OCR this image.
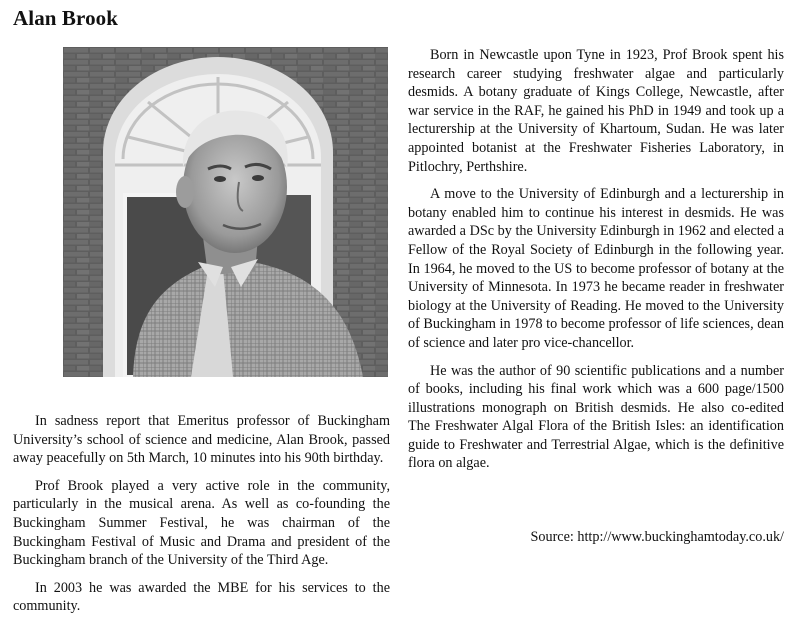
Alan Brook

In sadness report that Emeritus professor of Buckingham University’s school of science and medicine, Alan Brook, passed away peacefully on 5th March, 10 minutes into his 90th birthday.

Prof Brook played a very active role in the community, particularly in the musical arena. As well as co-founding the Buckingham Summer Festival, he was chairman of the Buckingham Festival of Music and Drama and president of the Buckingham branch of the University of the Third Age.

In 2003 he was awarded the MBE for his services to the community.

Born in Newcastle upon Tyne in 1923, Prof Brook spent his research career studying freshwater algae and particularly desmids. A botany graduate of Kings College, Newcastle, after war service in the RAF, he gained his PhD in 1949 and took up a lecturership at the University of Khartoum, Sudan. He was later appointed botanist at the Freshwater Fisheries Laboratory, in Pitlochry, Perthshire.

A move to the University of Edinburgh and a lecturership in botany enabled him to continue his interest in desmids. He was awarded a DSc by the University Edinburgh in 1962 and elected a Fellow of the Royal Society of Edinburgh in the following year. In 1964, he moved to the US to become professor of botany at the University of Minnesota. In 1973 he became reader in freshwater biology at the University of Reading. He moved to the University of Buckingham in 1978 to become professor of life sciences, dean of science and later pro vice-chancellor.

He was the author of 90 scientific publications and a number of books, including his final work which was a 600 page/1500 illustrations monograph on British desmids. He also co-edited The Freshwater Algal Flora of the British Isles: an identification guide to Freshwater and Terrestrial Algae, which is the definitive flora on algae.

Source: http://www.buckinghamtoday.co.uk/
